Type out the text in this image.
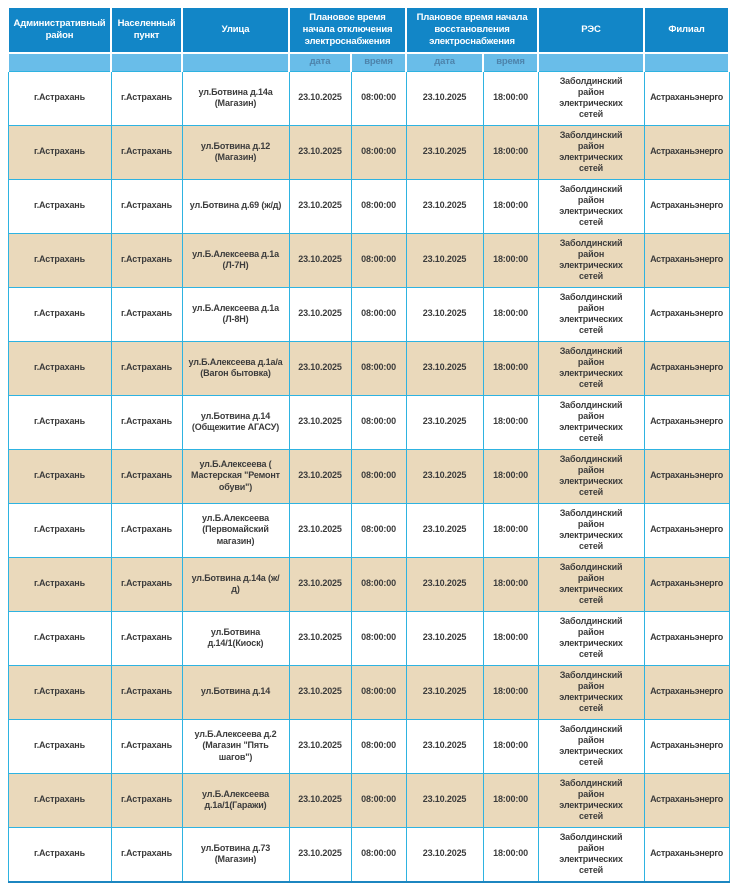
Административный район	Населенный пункт	Улица	Плановое время начала отключения электроснабжения		Плановое время начала восстановления электроснабжения		РЭС	Филиал
			дата	время	дата	время		
г.Астрахань	г.Астрахань	ул.Ботвина д.14а (Магазин)	23.10.2025	08:00:00	23.10.2025	18:00:00	Заболдинский район электрических сетей	Астраханьэнерго
г.Астрахань	г.Астрахань	ул.Ботвина д.12 (Магазин)	23.10.2025	08:00:00	23.10.2025	18:00:00	Заболдинский район электрических сетей	Астраханьэнерго
г.Астрахань	г.Астрахань	ул.Ботвина д.69 (ж/д)	23.10.2025	08:00:00	23.10.2025	18:00:00	Заболдинский район электрических сетей	Астраханьэнерго
г.Астрахань	г.Астрахань	ул.Б.Алексеева д.1а (Л-7Н)	23.10.2025	08:00:00	23.10.2025	18:00:00	Заболдинский район электрических сетей	Астраханьэнерго
г.Астрахань	г.Астрахань	ул.Б.Алексеева д.1а (Л-8Н)	23.10.2025	08:00:00	23.10.2025	18:00:00	Заболдинский район электрических сетей	Астраханьэнерго
г.Астрахань	г.Астрахань	ул.Б.Алексеева д.1а/а (Вагон бытовка)	23.10.2025	08:00:00	23.10.2025	18:00:00	Заболдинский район электрических сетей	Астраханьэнерго
г.Астрахань	г.Астрахань	ул.Ботвина д.14 (Общежитие АГАСУ)	23.10.2025	08:00:00	23.10.2025	18:00:00	Заболдинский район электрических сетей	Астраханьэнерго
г.Астрахань	г.Астрахань	ул.Б.Алексеева ( Мастерская "Ремонт обуви")	23.10.2025	08:00:00	23.10.2025	18:00:00	Заболдинский район электрических сетей	Астраханьэнерго
г.Астрахань	г.Астрахань	ул.Б.Алексеева (Первомайский магазин)	23.10.2025	08:00:00	23.10.2025	18:00:00	Заболдинский район электрических сетей	Астраханьэнерго
г.Астрахань	г.Астрахань	ул.Ботвина д.14а (ж/д)	23.10.2025	08:00:00	23.10.2025	18:00:00	Заболдинский район электрических сетей	Астраханьэнерго
г.Астрахань	г.Астрахань	ул.Ботвина д.14/1(Киоск)	23.10.2025	08:00:00	23.10.2025	18:00:00	Заболдинский район электрических сетей	Астраханьэнерго
г.Астрахань	г.Астрахань	ул.Ботвина д.14	23.10.2025	08:00:00	23.10.2025	18:00:00	Заболдинский район электрических сетей	Астраханьэнерго
г.Астрахань	г.Астрахань	ул.Б.Алексеева д.2 (Магазин "Пять шагов")	23.10.2025	08:00:00	23.10.2025	18:00:00	Заболдинский район электрических сетей	Астраханьэнерго
г.Астрахань	г.Астрахань	ул.Б.Алексеева д.1а/1(Гаражи)	23.10.2025	08:00:00	23.10.2025	18:00:00	Заболдинский район электрических сетей	Астраханьэнерго
г.Астрахань	г.Астрахань	ул.Ботвина д.73 (Магазин)	23.10.2025	08:00:00	23.10.2025	18:00:00	Заболдинский район электрических сетей	Астраханьэнерго
